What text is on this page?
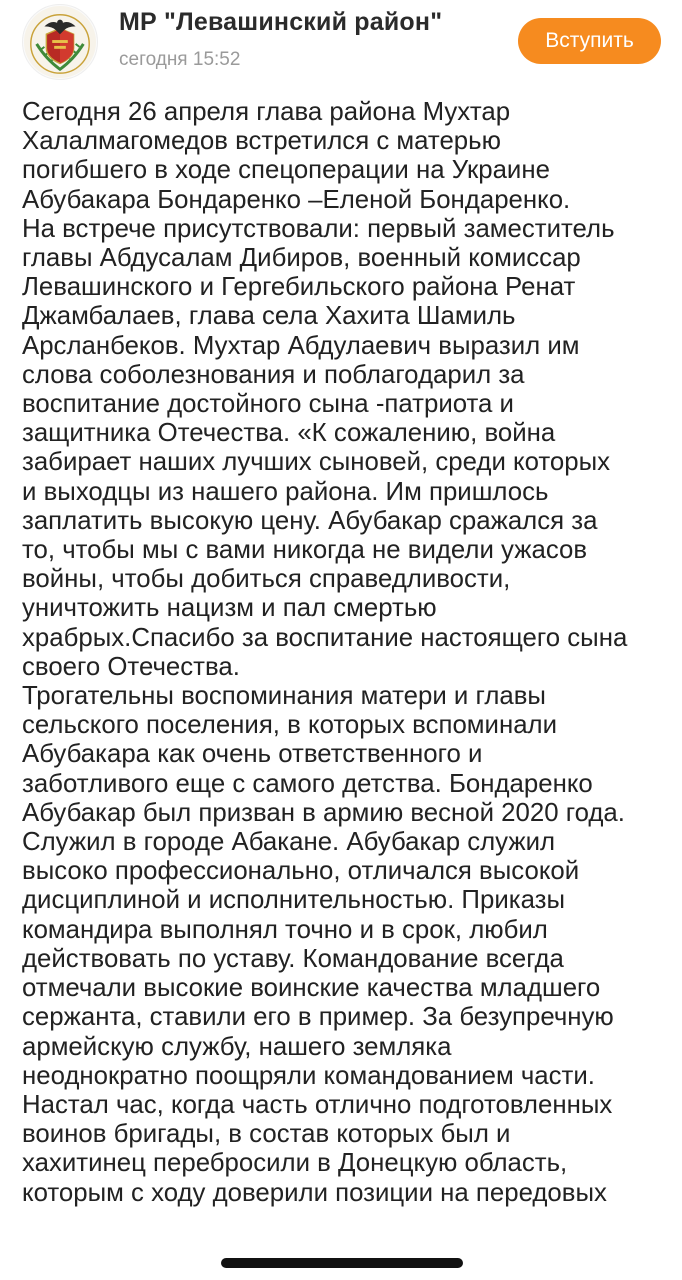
МР "Левашинский район"
сегодня 15:52
Вступить
Сегодня 26 апреля глава района Мухтар
Халалмагомедов встретился с матерью
погибшего в ходе спецоперации на Украине
Абубакара Бондаренко –Еленой Бондаренко.
На встрече присутствовали: первый заместитель
главы Абдусалам Дибиров, военный комиссар
Левашинского и Гергебильского района Ренат
Джамбалаев, глава села Хахита Шамиль
Арсланбеков. Мухтар Абдулаевич выразил им
слова соболезнования и поблагодарил за
воспитание достойного сына -патриота и
защитника Отечества. «К сожалению, война
забирает наших лучших сыновей, среди которых
и выходцы из нашего района. Им пришлось
заплатить высокую цену. Абубакар сражался за
то, чтобы мы с вами никогда не видели ужасов
войны, чтобы добиться справедливости,
уничтожить нацизм и пал смертью
храбрых.Спасибо за воспитание настоящего сына
своего Отечества.
Трогательны воспоминания матери и главы
сельского поселения, в которых вспоминали
Абубакара как очень ответственного и
заботливого еще с самого детства. Бондаренко
Абубакар был призван в армию весной 2020 года.
Служил в городе Абакане. Абубакар служил
высоко профессионально, отличался высокой
дисциплиной и исполнительностью. Приказы
командира выполнял точно и в срок, любил
действовать по уставу. Командование всегда
отмечали высокие воинские качества младшего
сержанта, ставили его в пример. За безупречную
армейскую службу, нашего земляка
неоднократно поощряли командованием части.
Настал час, когда часть отлично подготовленных
воинов бригады, в состав которых был и
хахитинец перебросили в Донецкую область,
которым с ходу доверили позиции на передовых
